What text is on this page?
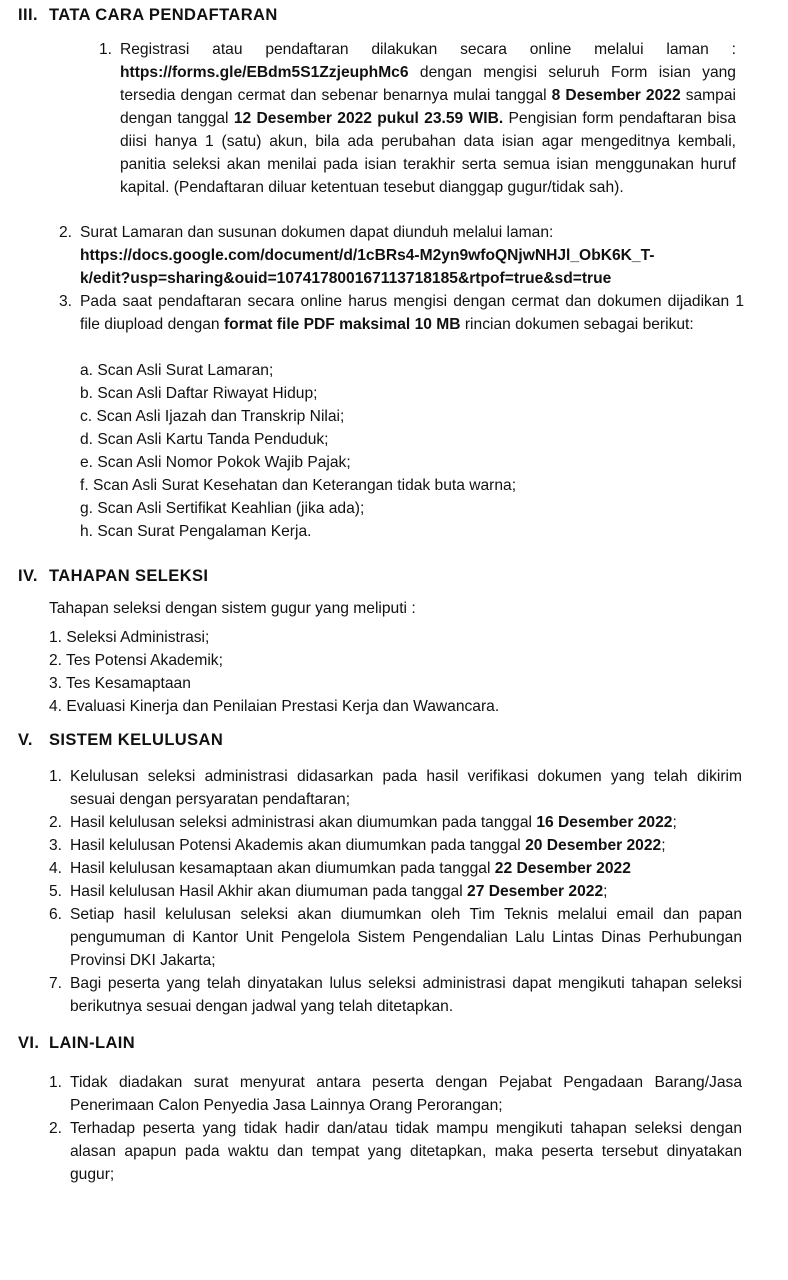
III. TATA CARA PENDAFTARAN
1. Registrasi atau pendaftaran dilakukan secara online melalui laman : https://forms.gle/EBdm5S1ZzjeuphMc6 dengan mengisi seluruh Form isian yang tersedia dengan cermat dan sebenar benarnya mulai tanggal 8 Desember 2022 sampai dengan tanggal 12 Desember 2022 pukul 23.59 WIB. Pengisian form pendaftaran bisa diisi hanya 1 (satu) akun, bila ada perubahan data isian agar mengeditnya kembali, panitia seleksi akan menilai pada isian terakhir serta semua isian menggunakan huruf kapital. (Pendaftaran diluar ketentuan tesebut dianggap gugur/tidak sah).
2. Surat Lamaran dan susunan dokumen dapat diunduh melalui laman:
https://docs.google.com/document/d/1cBRs4-M2yn9wfoQNjwNHJl_ObK6K_T-
k/edit?usp=sharing&ouid=107417800167113718185&rtpof=true&sd=true
3. Pada saat pendaftaran secara online harus mengisi dengan cermat dan dokumen dijadikan 1 file diupload dengan format file PDF maksimal 10 MB rincian dokumen sebagai berikut:
a. Scan Asli Surat Lamaran;
b. Scan Asli Daftar Riwayat Hidup;
c. Scan Asli Ijazah dan Transkrip Nilai;
d. Scan Asli Kartu Tanda Penduduk;
e. Scan Asli Nomor Pokok Wajib Pajak;
f. Scan Asli Surat Kesehatan dan Keterangan tidak buta warna;
g. Scan Asli Sertifikat Keahlian (jika ada);
h. Scan Surat Pengalaman Kerja.
IV. TAHAPAN SELEKSI
Tahapan seleksi dengan sistem gugur yang meliputi :
1. Seleksi Administrasi;
2. Tes Potensi Akademik;
3. Tes Kesamaptaan
4. Evaluasi Kinerja dan Penilaian Prestasi Kerja dan Wawancara.
V. SISTEM KELULUSAN
1. Kelulusan seleksi administrasi didasarkan pada hasil verifikasi dokumen yang telah dikirim sesuai dengan persyaratan pendaftaran;
2. Hasil kelulusan seleksi administrasi akan diumumkan pada tanggal 16 Desember 2022;
3. Hasil kelulusan Potensi Akademis akan diumumkan pada tanggal 20 Desember 2022;
4. Hasil kelulusan kesamaptaan akan diumumkan pada tanggal 22 Desember 2022
5. Hasil kelulusan Hasil Akhir akan diumuman pada tanggal 27 Desember 2022;
6. Setiap hasil kelulusan seleksi akan diumumkan oleh Tim Teknis melalui email dan papan pengumuman di Kantor Unit Pengelola Sistem Pengendalian Lalu Lintas Dinas Perhubungan Provinsi DKI Jakarta;
7. Bagi peserta yang telah dinyatakan lulus seleksi administrasi dapat mengikuti tahapan seleksi berikutnya sesuai dengan jadwal yang telah ditetapkan.
VI. LAIN-LAIN
1. Tidak diadakan surat menyurat antara peserta dengan Pejabat Pengadaan Barang/Jasa Penerimaan Calon Penyedia Jasa Lainnya Orang Perorangan;
2. Terhadap peserta yang tidak hadir dan/atau tidak mampu mengikuti tahapan seleksi dengan alasan apapun pada waktu dan tempat yang ditetapkan, maka peserta tersebut dinyatakan gugur;
